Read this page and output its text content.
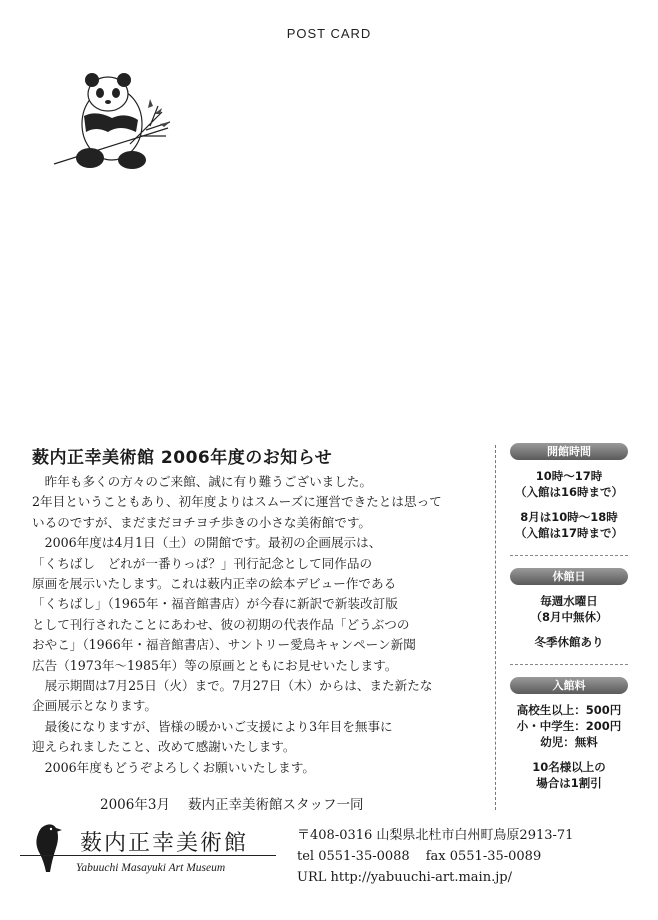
POST CARD
薮内正幸美術館 2006年度のお知らせ

昨年も多くの方々のご来館、誠に有り難うございました。

2年目ということもあり、初年度よりはスムーズに運営できたとは思って

いるのですが、まだまだヨチヨチ歩きの小さな美術館です。

2006年度は4月1日（土）の開館です。最初の企画展示は、

「くちばし　どれが一番りっぱ？」刊行記念として同作品の

原画を展示いたします。これは薮内正幸の絵本デビュー作である

「くちばし」（1965年・福音館書店）が今春に新訳で新装改訂版

として刊行されたことにあわせ、彼の初期の代表作品「どうぶつの

おやこ」（1966年・福音館書店）、サントリー愛鳥キャンペーン新聞

広告（1973年～1985年）等の原画とともにお見せいたします。

展示期間は7月25日（火）まで。7月27日（木）からは、また新たな

企画展示となります。

最後になりますが、皆様の暖かいご支援により3年目を無事に

迎えられましたこと、改めて感謝いたします。

2006年度もどうぞよろしくお願いいたします。

2006年3月 薮内正幸美術館スタッフ一同
開館時間
10時～17時
（入館は16時まで）
8月は10時～18時
（入館は17時まで）
休館日
毎週水曜日
（8月中無休）
冬季休館あり
入館料
高校生以上：500円
小・中学生：200円
幼児：無料
10名様以上の
場合は1割引
薮内正幸美術館
Yabuuchi Masayuki Art Museum
〒408-0316 山梨県北杜市白州町鳥原2913-71
tel 0551-35-0088 fax 0551-35-0089
URL http://yabuuchi-art.main.jp/
